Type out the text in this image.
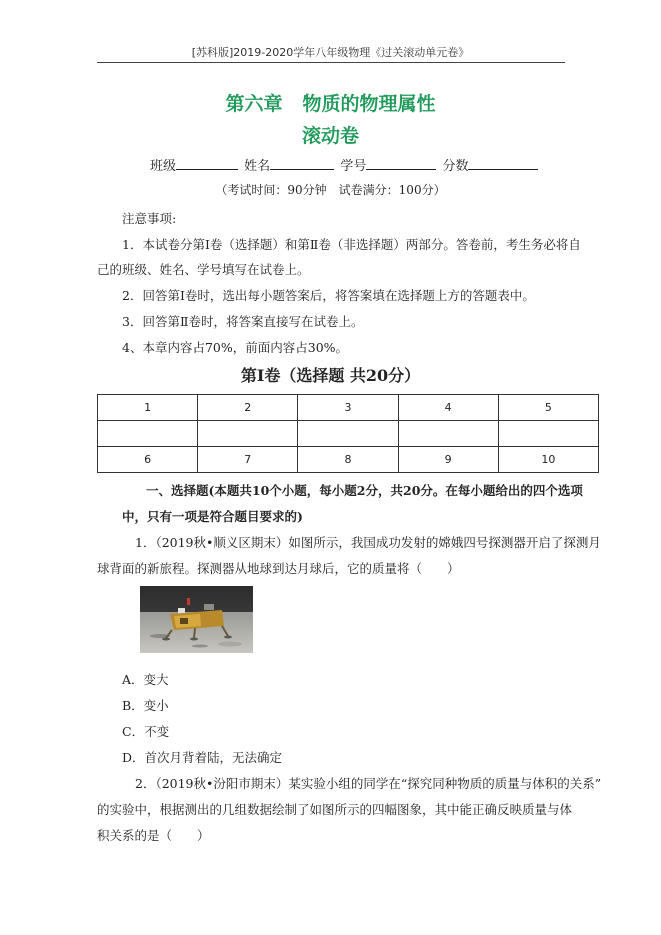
[苏科版]2019-2020学年八年级物理《过关滚动单元卷》
第六章 物质的物理属性
滚动卷
班级	姓名	学号	分数
（考试时间：90分钟　试卷满分：100分）
注意事项:
1．本试卷分第Ⅰ卷（选择题）和第Ⅱ卷（非选择题）两部分。答卷前，考生务必将自
己的班级、姓名、学号填写在试卷上。
2．回答第Ⅰ卷时，选出每小题答案后，将答案填在选择题上方的答题表中。
3．回答第Ⅱ卷时，将答案直接写在试卷上。
4、本章内容占70%，前面内容占30%。
第Ⅰ卷（选择题 共20分）
1	2	3	4	5

6	7	8	9	10
一、选择题(本题共10个小题，每小题2分，共20分。在每小题给出的四个选项
中，只有一项是符合题目要求的)
1．（2019秋•顺义区期末）如图所示，我国成功发射的嫦娥四号探测器开启了探测月
球背面的新旅程。探测器从地球到达月球后，它的质量将（　　）
A．变大
B．变小
C．不变
D．首次月背着陆，无法确定
2．（2019秋•汾阳市期末）某实验小组的同学在“探究同种物质的质量与体积的关系”
的实验中，根据测出的几组数据绘制了如图所示的四幅图象，其中能正确反映质量与体
积关系的是（　　）
